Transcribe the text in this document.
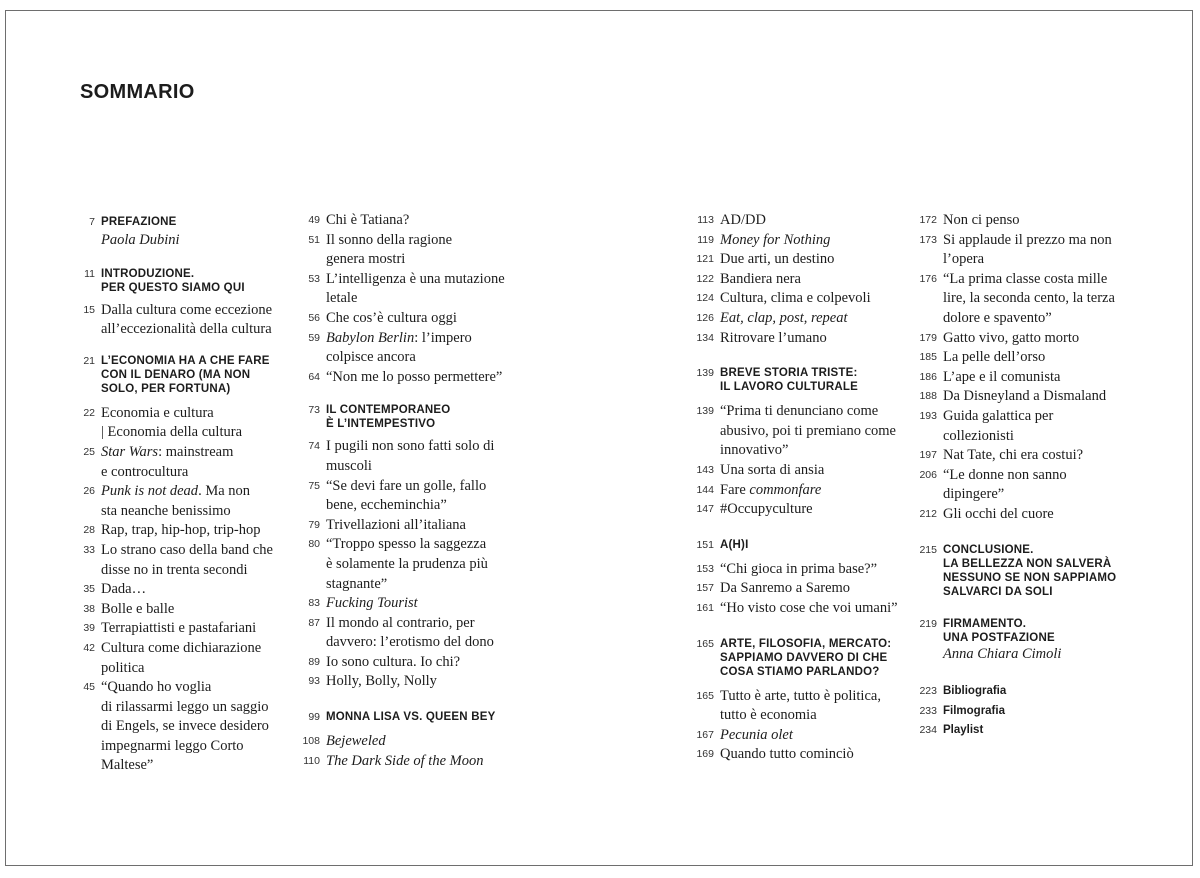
SOMMARIO
7 PREFAZIONE
Paola Dubini
11 INTRODUZIONE.
PER QUESTO SIAMO QUI
15 Dalla cultura come eccezione
all’eccezionalità della cultura
21 L’ECONOMIA HA A CHE FARE
CON IL DENARO (MA NON
SOLO, PER FORTUNA)
22 Economia e cultura
| Economia della cultura
25 Star Wars: mainstream
e controcultura
26 Punk is not dead. Ma non
sta neanche benissimo
28 Rap, trap, hip-hop, trip-hop
33 Lo strano caso della band che
disse no in trenta secondi
35 Dada…
38 Bolle e balle
39 Terrapiattisti e pastafariani
42 Cultura come dichiarazione
politica
45 “Quando ho voglia
di rilassarmi leggo un saggio
di Engels, se invece desidero
impegnarmi leggo Corto
Maltese”
49 Chi è Tatiana?
51 Il sonno della ragione
genera mostri
53 L’intelligenza è una mutazione
letale
56 Che cos’è cultura oggi
59 Babylon Berlin: l’impero
colpisce ancora
64 “Non me lo posso permettere”
73 IL CONTEMPORANEO
È L’INTEMPESTIVO
74 I pugili non sono fatti solo di
muscoli
75 “Se devi fare un golle, fallo
bene, eccheminchia”
79 Trivellazioni all’italiana
80 “Troppo spesso la saggezza
è solamente la prudenza più
stagnante”
83 Fucking Tourist
87 Il mondo al contrario, per
davvero: l’erotismo del dono
89 Io sono cultura. Io chi?
93 Holly, Bolly, Nolly
99 MONNA LISA VS. QUEEN BEY
108 Bejeweled
110 The Dark Side of the Moon
113 AD/DD
119 Money for Nothing
121 Due arti, un destino
122 Bandiera nera
124 Cultura, clima e colpevoli
126 Eat, clap, post, repeat
134 Ritrovare l’umano
139 BREVE STORIA TRISTE:
IL LAVORO CULTURALE
139 “Prima ti denunciano come
abusivo, poi ti premiano come
innovativo”
143 Una sorta di ansia
144 Fare commonfare
147 #Occupyculture
151 A(H)I
153 “Chi gioca in prima base?”
157 Da Sanremo a Saremo
161 “Ho visto cose che voi umani”
165 ARTE, FILOSOFIA, MERCATO:
SAPPIAMO DAVVERO DI CHE
COSA STIAMO PARLANDO?
165 Tutto è arte, tutto è politica,
tutto è economia
167 Pecunia olet
169 Quando tutto cominciò
172 Non ci penso
173 Si applaude il prezzo ma non
l’opera
176 “La prima classe costa mille
lire, la seconda cento, la terza
dolore e spavento”
179 Gatto vivo, gatto morto
185 La pelle dell’orso
186 L’ape e il comunista
188 Da Disneyland a Dismaland
193 Guida galattica per
collezionisti
197 Nat Tate, chi era costui?
206 “Le donne non sanno
dipingere”
212 Gli occhi del cuore
215 CONCLUSIONE.
LA BELLEZZA NON SALVERÀ
NESSUNO SE NON SAPPIAMO
SALVARCI DA SOLI
219 FIRMAMENTO.
UNA POSTFAZIONE
Anna Chiara Cimoli
223 Bibliografia
233 Filmografia
234 Playlist
